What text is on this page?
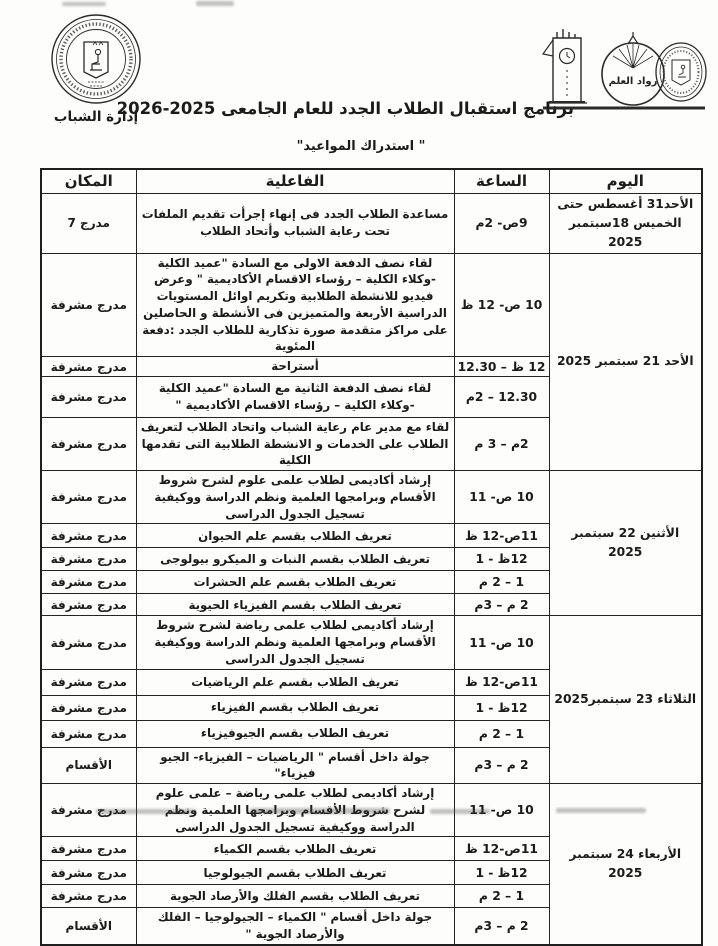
إدارة الشباب
رواد العلم
برنامج استقبال الطلاب الجدد للعام الجامعى 2025-2026
" استدراك المواعيد"
اليوم	الساعة	الفاعلية	المكان
الأحد31 أغسطس حتى الخميس 18سبتمبر 2025	9ص- 2م	مساعدة الطلاب الجدد فى إنهاء إجرأت تقديم الملفات تحت رعاية الشباب وأتحاد الطلاب	مدرج 7
الأحد 21 سبتمبر 2025	10 ص- 12 ظ	لقاء نصف الدفعة الاولى مع السادة "عميد الكلية -وكلاء الكلية – رؤساء الاقسام الأكاديمية " وعرض فيديو للانشطة الطلابية وتكريم اوائل المستويات الدراسية الأربعة والمتميزين فى الأنشطة و الحاصلين على مراكز متقدمة صورة تذكارية للطلاب الجدد :دفعة المئوية	مدرج مشرفة
	12 ظ – 12.30	أستراحة	مدرج مشرفة
	12.30 – 2م	لقاء نصف الدفعة الثانية مع السادة "عميد الكلية -وكلاء الكلية – رؤساء الاقسام الأكاديمية "	مدرج مشرفة
	2م – 3 م	لقاء مع مدير عام رعاية الشباب واتحاد الطلاب لتعريف الطلاب على الخدمات و الانشطة الطلابية التى تقدمها الكلية	مدرج مشرفة
الأثنين 22 سبتمبر 2025	10 ص- 11	إرشاد أكاديمى لطلاب علمى علوم لشرح شروط الأقسام وبرامجها العلمية ونظم الدراسة ووكيفية تسجيل الجدول الدراسى	مدرج مشرفة
	11ص-12 ظ	تعريف الطلاب بقسم علم الحيوان	مدرج مشرفة
	12ظ - 1	تعريف الطلاب بقسم النبات و الميكرو بيولوجى	مدرج مشرفة
	1 – 2 م	تعريف الطلاب بقسم علم الحشرات	مدرج مشرفة
	2 م – 3م	تعريف الطلاب بقسم الفيزياء الحيوية	مدرج مشرفة
الثلاثاء 23 سبتمبر2025	10 ص- 11	إرشاد أكاديمى لطلاب علمى رياضة لشرح شروط الأقسام وبرامجها العلمية ونظم الدراسة ووكيفية تسجيل الجدول الدراسى	مدرج مشرفة
	11ص-12 ظ	تعريف الطلاب بقسم علم الرياضيات	مدرج مشرفة
	12ظ - 1	تعريف الطلاب بقسم الفيزياء	مدرج مشرفة
	1 – 2 م	تعريف الطلاب بقسم الجيوفيزياء	مدرج مشرفة
	2 م – 3م	جولة داخل أقسام " الرياضيات – الفيزياء- الجيو فيزياء"	الأقسام
الأربعاء 24 سبتمبر 2025	10 ص- 11	إرشاد أكاديمى لطلاب علمى رياضة – علمى علوم لشرح شروط الأقسام وبرامجها العلمية ونظم الدراسة ووكيفية تسجيل الجدول الدراسى	مدرج مشرفة
	11ص-12 ظ	تعريف الطلاب بقسم الكمياء	مدرج مشرفة
	12ظ - 1	تعريف الطلاب بقسم الجيولوجيا	مدرج مشرفة
	1 – 2 م	تعريف الطلاب بقسم الفلك والأرصاد الجوية	مدرج مشرفة
	2 م – 3م	جولة داخل أقسام " الكمياء – الجيولوجيا – الفلك والأرصاد الجوية "	الأقسام
